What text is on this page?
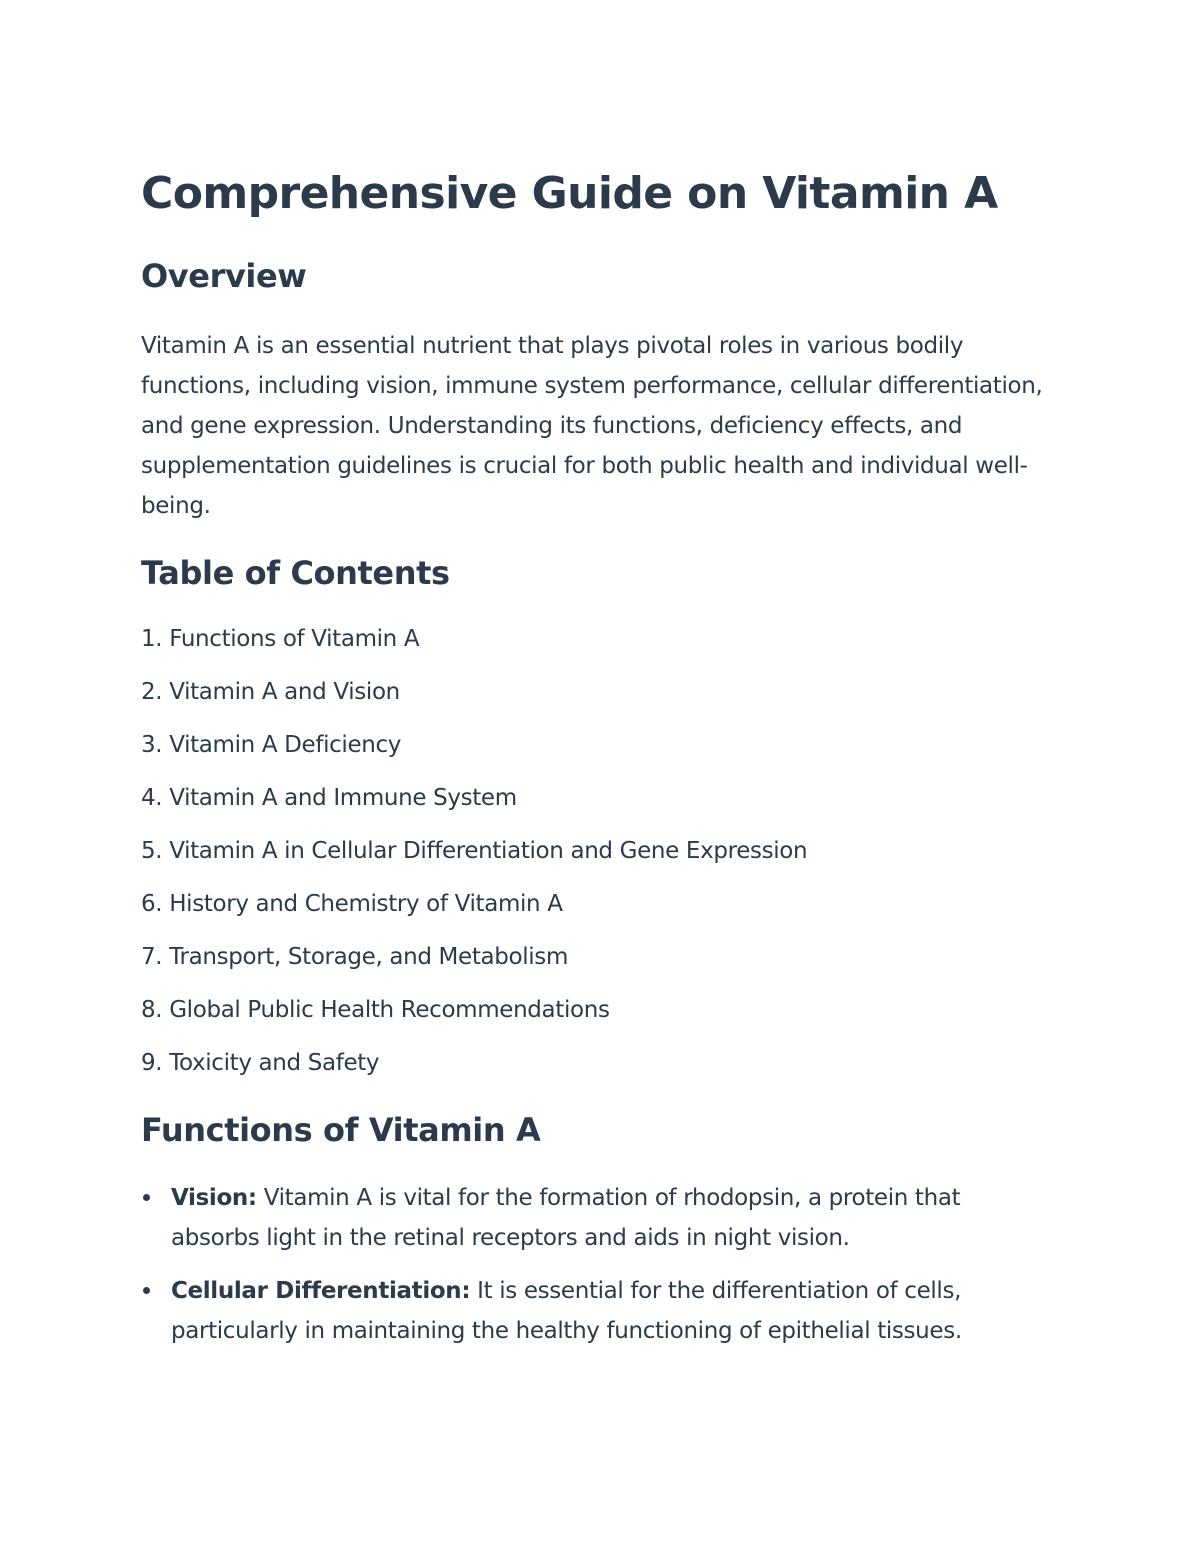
Comprehensive Guide on Vitamin A
Overview

Vitamin A is an essential nutrient that plays pivotal roles in various bodily functions, including vision, immune system performance, cellular differentiation, and gene expression. Understanding its functions, deficiency effects, and supplementation guidelines is crucial for both public health and individual well-being.

Table of Contents
1. Functions of Vitamin A
2. Vitamin A and Vision
3. Vitamin A Deficiency
4. Vitamin A and Immune System
5. Vitamin A in Cellular Differentiation and Gene Expression
6. History and Chemistry of Vitamin A
7. Transport, Storage, and Metabolism
8. Global Public Health Recommendations
9. Toxicity and Safety
Functions of Vitamin A
Vision: Vitamin A is vital for the formation of rhodopsin, a protein that absorbs light in the retinal receptors and aids in night vision.
Cellular Differentiation: It is essential for the differentiation of cells, particularly in maintaining the healthy functioning of epithelial tissues.
